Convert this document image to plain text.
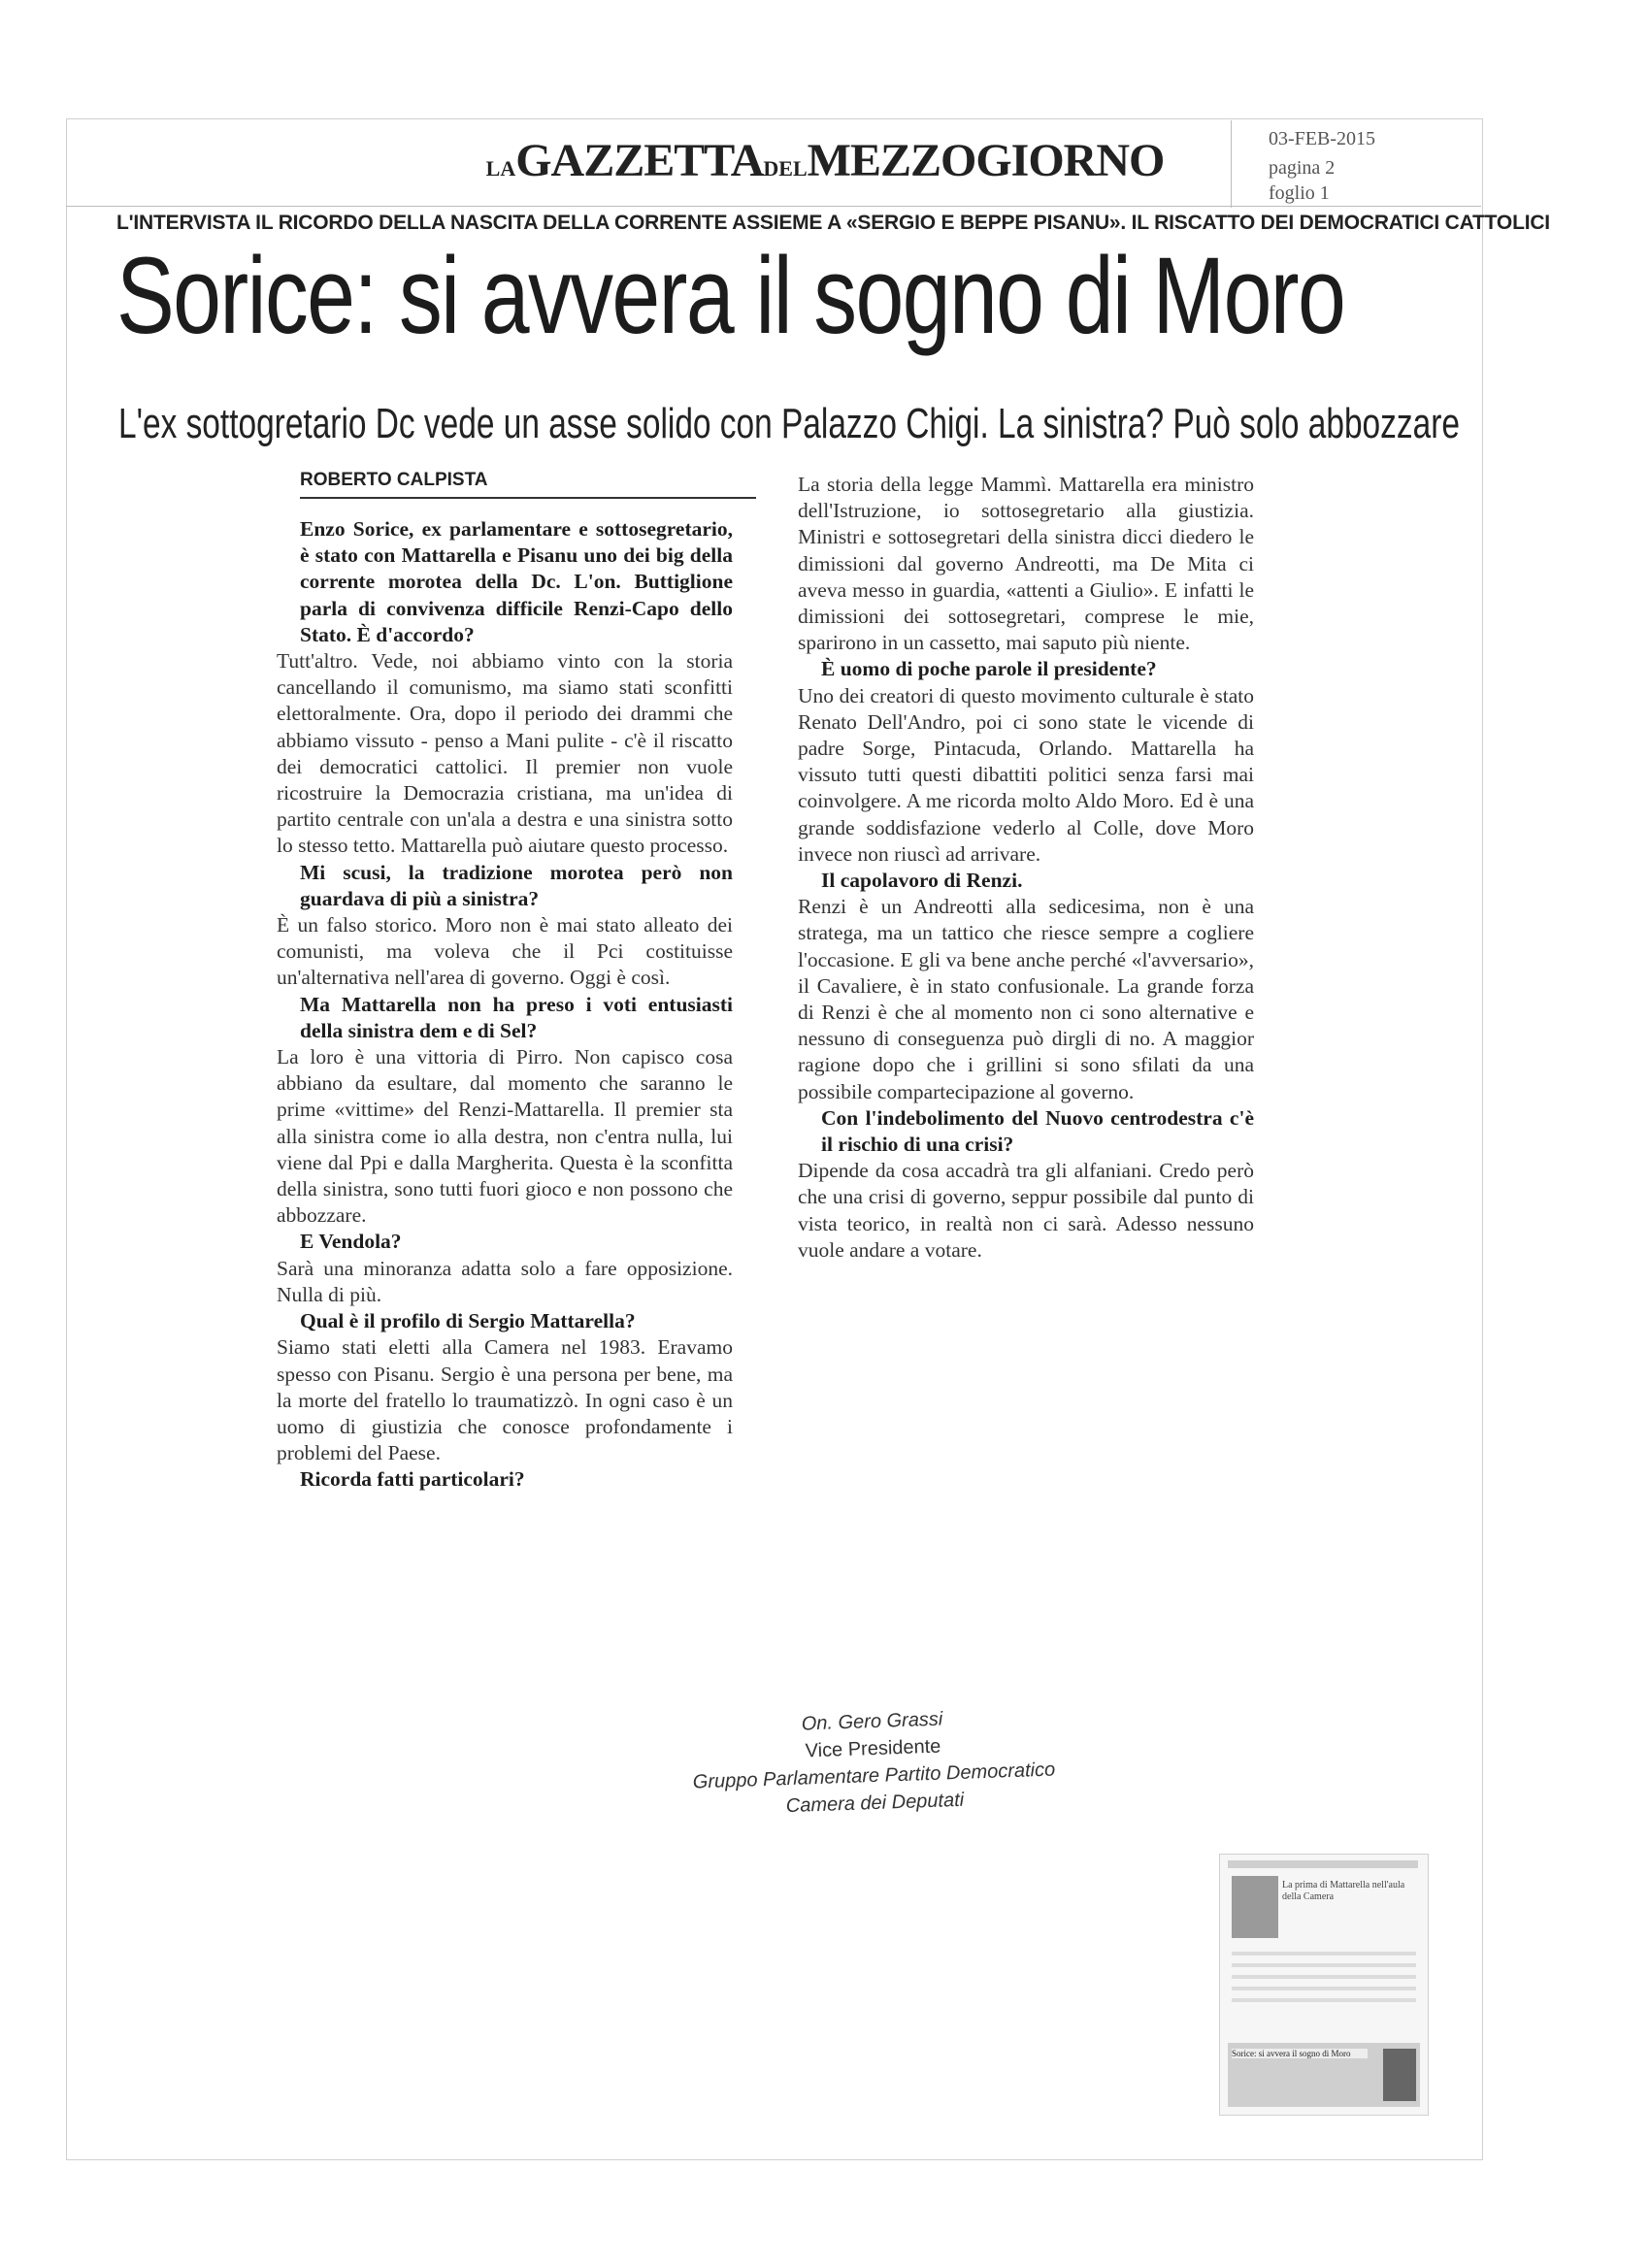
LAGAZZETTADELMEZZOGIORNO	03-FEB-2015
pagina 2
foglio 1
L'INTERVISTA IL RICORDO DELLA NASCITA DELLA CORRENTE ASSIEME A «SERGIO E BEPPE PISANU». IL RISCATTO DEI DEMOCRATICI CATTOLICI
Sorice: si avvera il sogno di Moro
L'ex sottogretario Dc vede un asse solido con Palazzo Chigi. La sinistra? Può solo abbozzare
ROBERTO CALPISTA

Enzo Sorice, ex parlamentare e sottosegretario, è stato con Mattarella e Pisanu uno dei big della corrente morotea della Dc. L'on. Buttiglione parla di convivenza difficile Renzi-Capo dello Stato. È d'accordo?

Tutt'altro. Vede, noi abbiamo vinto con la storia cancellando il comunismo, ma siamo stati sconfitti elettoralmente. Ora, dopo il periodo dei drammi che abbiamo vissuto - penso a Mani pulite - c'è il riscatto dei democratici cattolici. Il premier non vuole ricostruire la Democrazia cristiana, ma un'idea di partito centrale con un'ala a destra e una sinistra sotto lo stesso tetto. Mattarella può aiutare questo processo.

Mi scusi, la tradizione morotea però non guardava di più a sinistra?

È un falso storico. Moro non è mai stato alleato dei comunisti, ma voleva che il Pci costituisse un'alternativa nell'area di governo. Oggi è così.

Ma Mattarella non ha preso i voti entusiasti della sinistra dem e di Sel?

La loro è una vittoria di Pirro. Non capisco cosa abbiano da esultare, dal momento che saranno le prime «vittime» del Renzi-Mattarella. Il premier sta alla sinistra come io alla destra, non c'entra nulla, lui viene dal Ppi e dalla Margherita. Questa è la sconfitta della sinistra, sono tutti fuori gioco e non possono che abbozzare.

E Vendola?

Sarà una minoranza adatta solo a fare opposizione. Nulla di più.

Qual è il profilo di Sergio Mattarella?

Siamo stati eletti alla Camera nel 1983. Eravamo spesso con Pisanu. Sergio è una persona per bene, ma la morte del fratello lo traumatizzò. In ogni caso è un uomo di giustizia che conosce profondamente i problemi del Paese.

Ricorda fatti particolari?

La storia della legge Mammì. Mattarella era ministro dell'Istruzione, io sottosegretario alla giustizia. Ministri e sottosegretari della sinistra dicci diedero le dimissioni dal governo Andreotti, ma De Mita ci aveva messo in guardia, «attenti a Giulio». E infatti le dimissioni dei sottosegretari, comprese le mie, sparirono in un cassetto, mai saputo più niente.

È uomo di poche parole il presidente?

Uno dei creatori di questo movimento culturale è stato Renato Dell'Andro, poi ci sono state le vicende di padre Sorge, Pintacuda, Orlando. Mattarella ha vissuto tutti questi dibattiti politici senza farsi mai coinvolgere. A me ricorda molto Aldo Moro. Ed è una grande soddisfazione vederlo al Colle, dove Moro invece non riuscì ad arrivare.

Il capolavoro di Renzi.

Renzi è un Andreotti alla sedicesima, non è una stratega, ma un tattico che riesce sempre a cogliere l'occasione. E gli va bene anche perché «l'avversario», il Cavaliere, è in stato confusionale. La grande forza di Renzi è che al momento non ci sono alternative e nessuno di conseguenza può dirgli di no. A maggior ragione dopo che i grillini si sono sfilati da una possibile compartecipazione al governo.

Con l'indebolimento del Nuovo centrodestra c'è il rischio di una crisi?

Dipende da cosa accadrà tra gli alfaniani. Credo però che una crisi di governo, seppur possibile dal punto di vista teorico, in realtà non ci sarà. Adesso nessuno vuole andare a votare.

On. Gero Grassi
Vice Presidente
Gruppo Parlamentare Partito Democratico
Camera dei Deputati
La prima di Mattarella nell'aula della Camera
Sorice: si avvera il sogno di Moro
